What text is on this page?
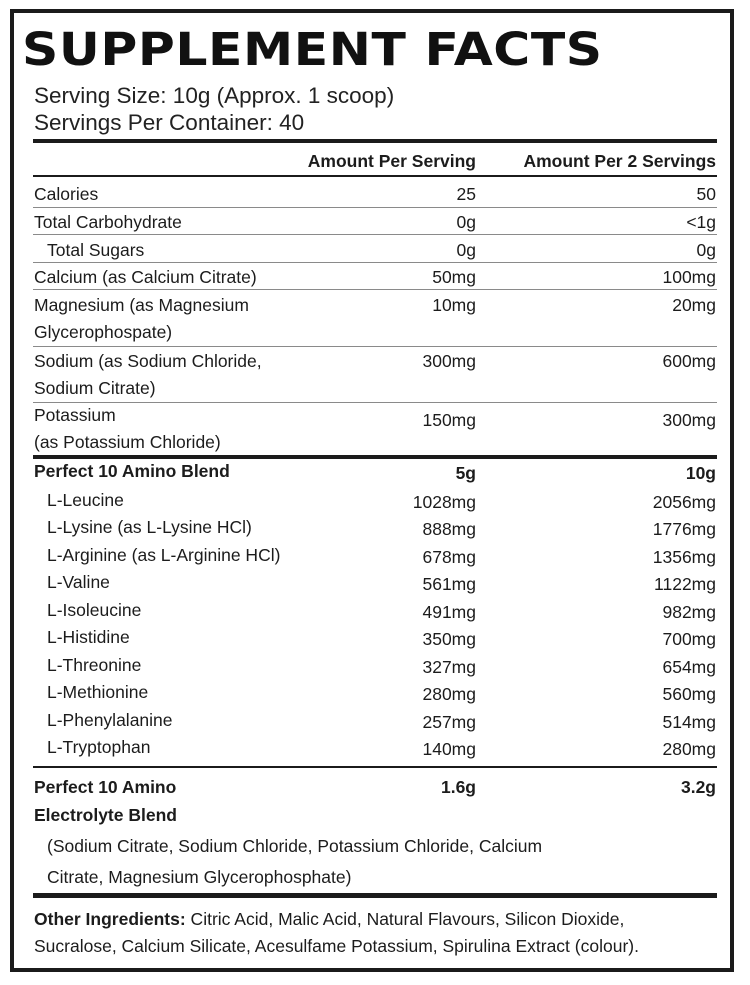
SUPPLEMENT FACTS
Serving Size: 10g (Approx. 1 scoop)
Servings Per Container: 40
Amount Per Serving	Amount Per 2 Servings
Calories	25	50
Total Carbohydrate	0g	<1g
Total Sugars	0g	0g
Calcium (as Calcium Citrate)	50mg	100mg
Magnesium (as Magnesium
Glycerophospate)
10mg	20mg
Sodium (as Sodium Chloride,
Sodium Citrate)
300mg	600mg
Potassium
(as Potassium Chloride)
150mg	300mg
Perfect 10 Amino Blend	5g	10g
L-Leucine	1028mg	2056mg
L-Lysine (as L-Lysine HCl)	888mg	1776mg
L-Arginine (as L-Arginine HCl)	678mg	1356mg
L-Valine	561mg	1122mg
L-Isoleucine	491mg	982mg
L-Histidine	350mg	700mg
L-Threonine	327mg	654mg
L-Methionine	280mg	560mg
L-Phenylalanine	257mg	514mg
L-Tryptophan	140mg	280mg
Perfect 10 Amino
Electrolyte Blend
1.6g	3.2g
(Sodium Citrate, Sodium Chloride, Potassium Chloride, Calcium
Citrate, Magnesium Glycerophosphate)
Other Ingredients: Citric Acid, Malic Acid, Natural Flavours, Silicon Dioxide,
Sucralose, Calcium Silicate, Acesulfame Potassium, Spirulina Extract (colour).
